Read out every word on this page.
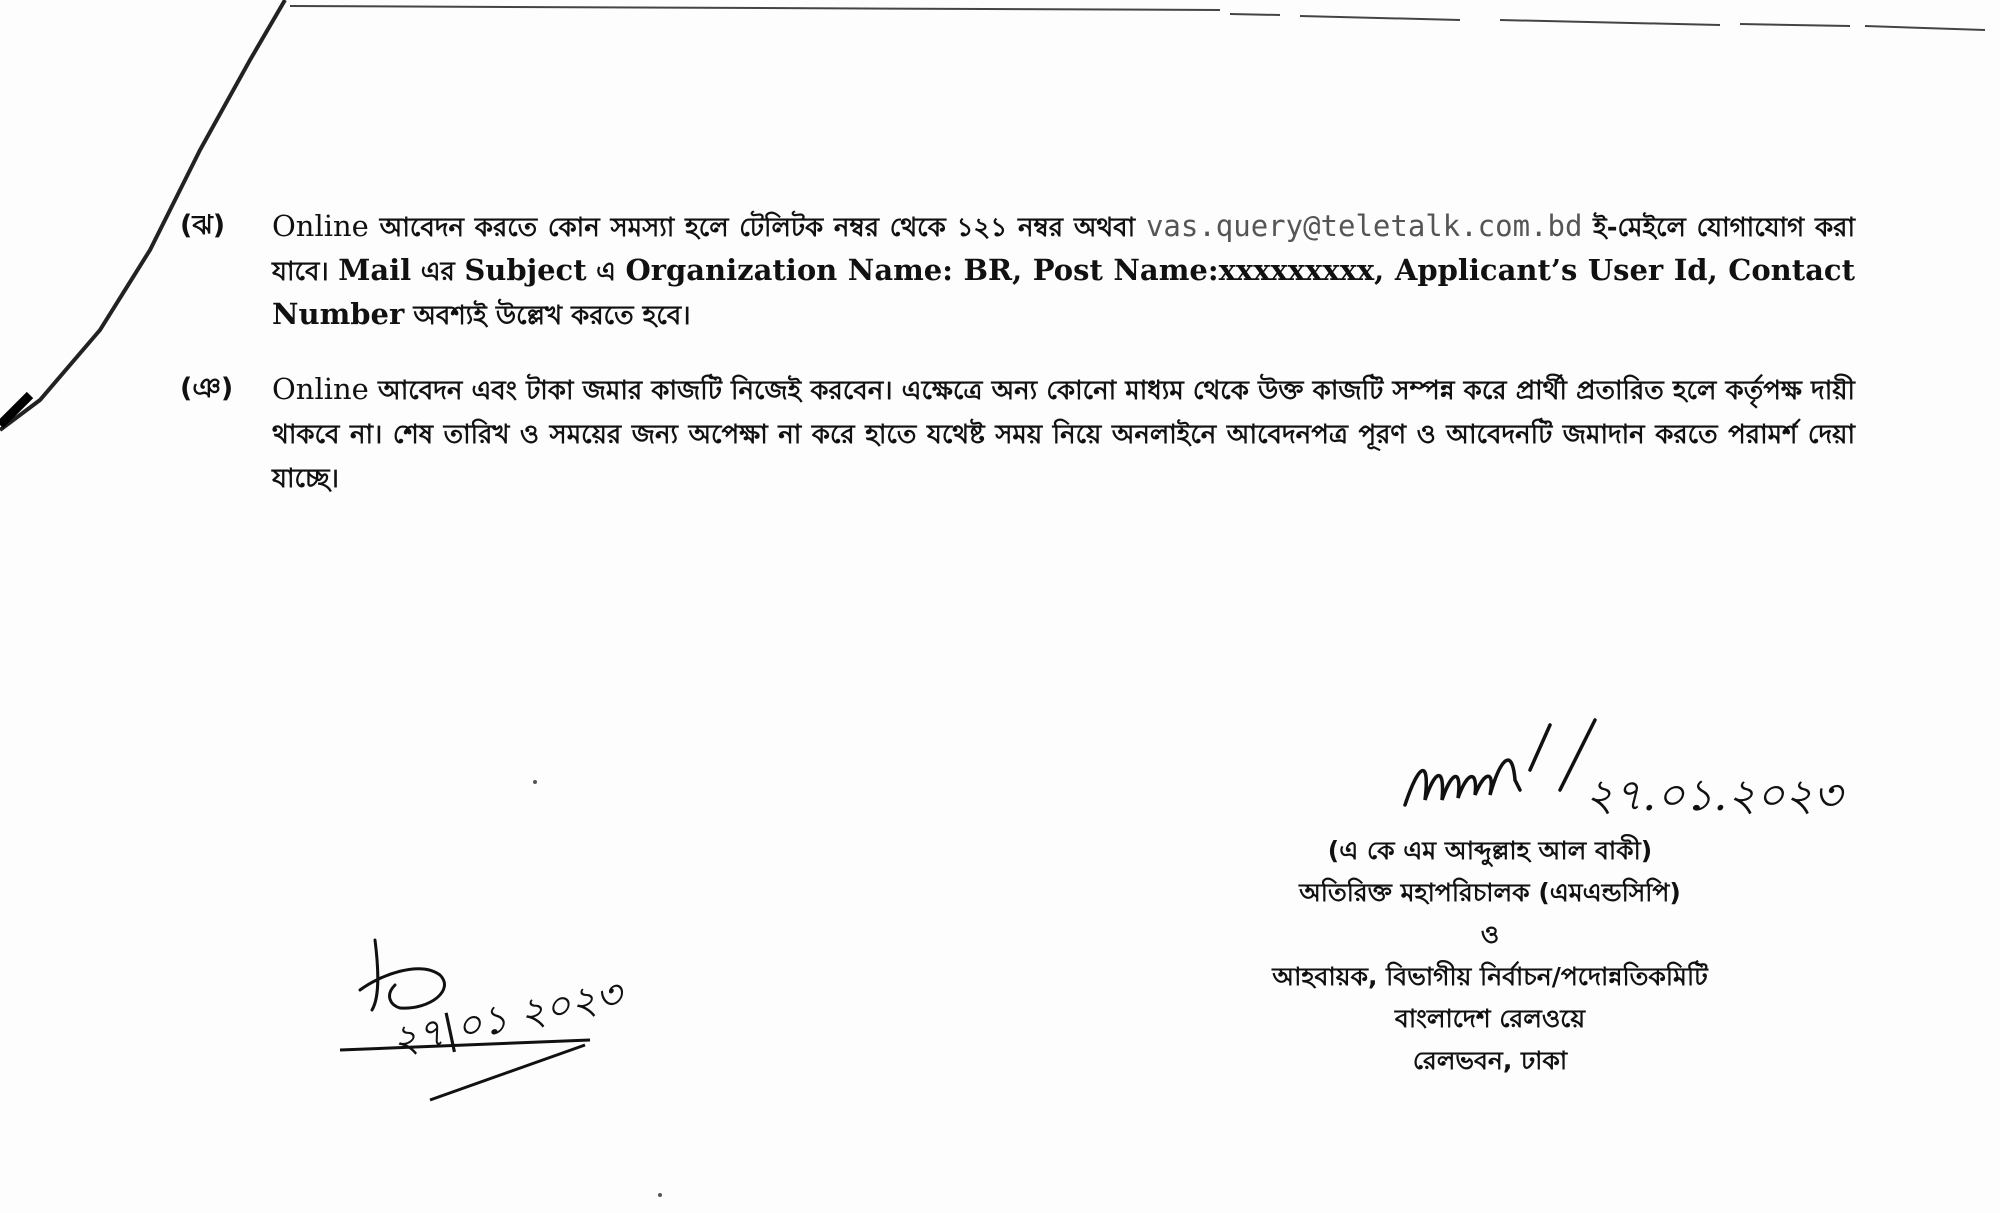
(ঝ) Online আবেদন করতে কোন সমস্যা হলে টেলিটক নম্বর থেকে ১২১ নম্বর অথবা vas.query@teletalk.com.bd ই-মেইলে যোগাযোগ করা যাবে। Mail এর Subject এ Organization Name: BR, Post Name:xxxxxxxxx, Applicant’s User Id, Contact Number অবশ্যই উল্লেখ করতে হবে।

(ঞ) Online আবেদন এবং টাকা জমার কাজটি নিজেই করবেন। এক্ষেত্রে অন্য কোনো মাধ্যম থেকে উক্ত কাজটি সম্পন্ন করে প্রার্থী প্রতারিত হলে কর্তৃপক্ষ দায়ী থাকবে না। শেষ তারিখ ও সময়ের জন্য অপেক্ষা না করে হাতে যথেষ্ট সময় নিয়ে অনলাইনে আবেদনপত্র পূরণ ও আবেদনটি জমাদান করতে পরামর্শ দেয়া যাচ্ছে।

২৭.০১.২০২৩
(এ কে এম আব্দুল্লাহ আল বাকী)
অতিরিক্ত মহাপরিচালক (এমএন্ডসিপি)
ও
আহবায়ক, বিভাগীয় নির্বাচন/পদোন্নতিকমিটি
বাংলাদেশ রেলওয়ে
রেলভবন, ঢাকা
২৭|০১ ২০২৩
